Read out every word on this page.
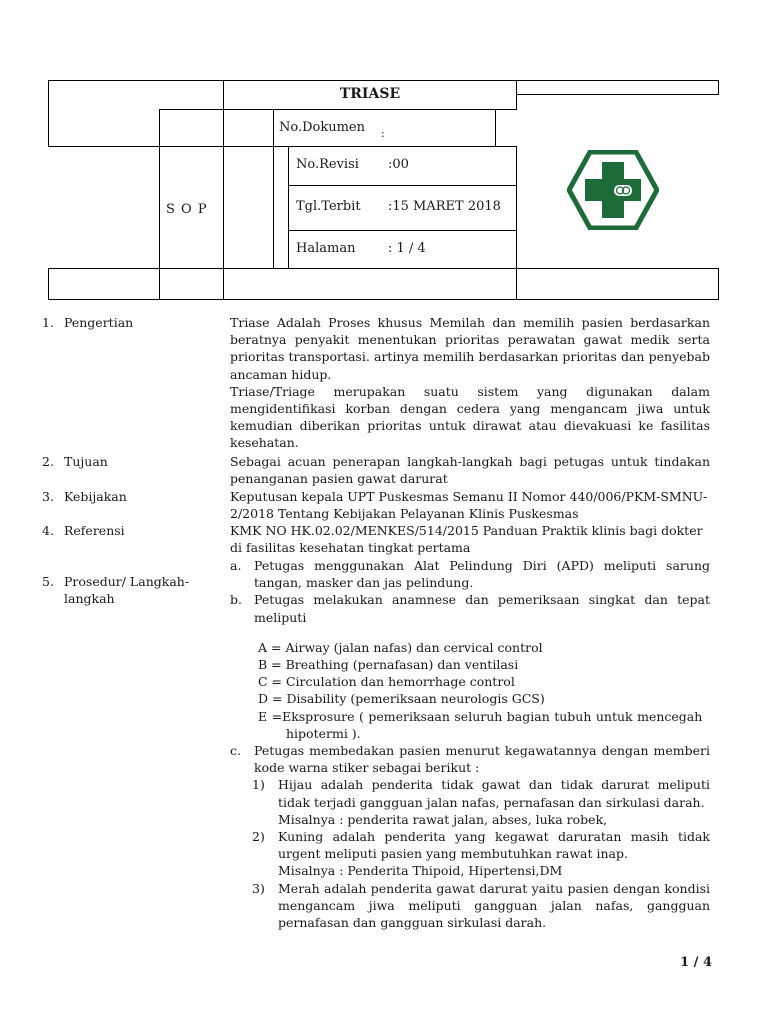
TRIASE
No.Dokumen :
S O P
No.Revisi :00
Tgl.Terbit :15 MARET 2018
Halaman	: 1 / 4
1. Pengertian	Triase Adalah Proses khusus Memilah dan memilih pasien berdasarkan beratnya penyakit menentukan prioritas perawatan gawat medik serta prioritas transportasi. artinya memilih berdasarkan prioritas dan penyebab ancaman hidup.

Triase/Triage merupakan suatu sistem yang digunakan dalam mengidentifikasi korban dengan cedera yang mengancam jiwa untuk kemudian diberikan prioritas untuk dirawat atau dievakuasi ke fasilitas kesehatan.

2. Tujuan	Sebagai acuan penerapan langkah-langkah bagi petugas untuk tindakan penanganan pasien gawat darurat
3. Kebijakan	Keputusan kepala UPT Puskesmas Semanu II Nomor 440/006/PKM-SMNU-2/2018 Tentang Kebijakan Pelayanan Klinis Puskesmas
4. Referensi	KMK NO HK.02.02/MENKES/514/2015 Panduan Praktik klinis bagi dokter di fasilitas kesehatan tingkat pertama
5. Prosedur/ Langkah-langkah
a. Petugas menggunakan Alat Pelindung Diri (APD) meliputi sarung tangan, masker dan jas pelindung.
b. Petugas melakukan anamnese dan pemeriksaan singkat dan tepat meliputi
A = Airway (jalan nafas) dan cervical control
B = Breathing (pernafasan) dan ventilasi
C = Circulation dan hemorrhage control
D = Disability (pemeriksaan neurologis GCS)
E =Eksprosure ( pemeriksaan seluruh bagian tubuh untuk mencegah
hipotermi ).
c. Petugas membedakan pasien menurut kegawatannya dengan memberi kode warna stiker sebagai berikut :
1) Hijau adalah penderita tidak gawat dan tidak darurat meliputi tidak terjadi gangguan jalan nafas, pernafasan dan sirkulasi darah.
Misalnya : penderita rawat jalan, abses, luka robek,
2) Kuning adalah penderita yang kegawat daruratan masih tidak urgent meliputi pasien yang membutuhkan rawat inap.
Misalnya : Penderita Thipoid, Hipertensi,DM
3) Merah adalah penderita gawat darurat yaitu pasien dengan kondisi mengancam jiwa meliputi gangguan jalan nafas, gangguan pernafasan dan gangguan sirkulasi darah.
1 / 4
